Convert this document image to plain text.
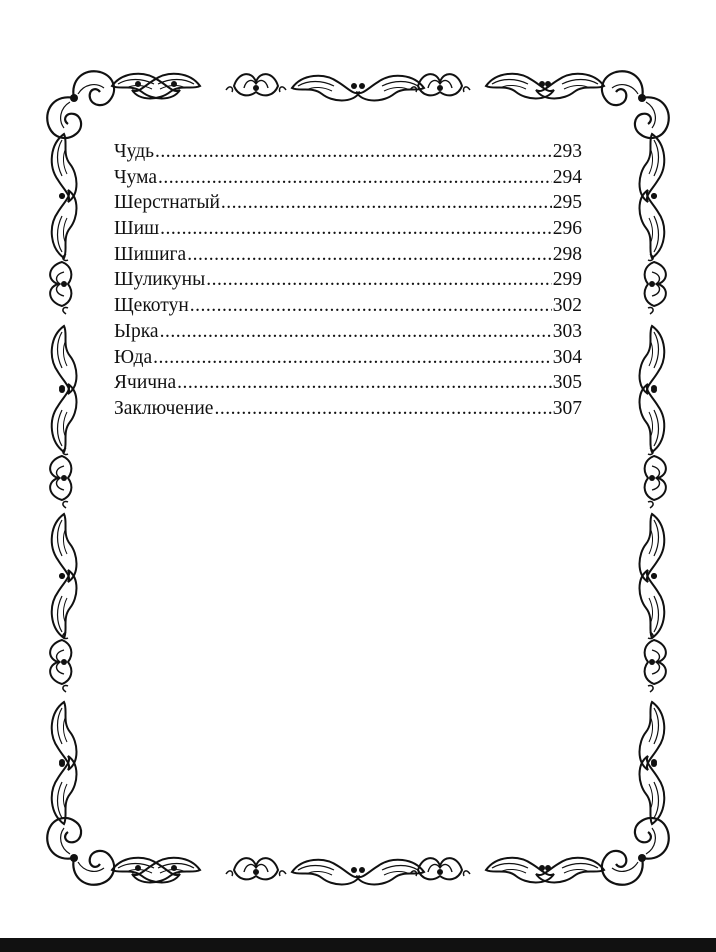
Чудь .....	293
Чума .....	294
Шерстнатый .....	295
Шиш .....	296
Шишига .....	298
Шуликуны .....	299
Щекотун .....	302
Ырка .....	303
Юда .....	304
Ячична .....	305
Заключение .....	307
